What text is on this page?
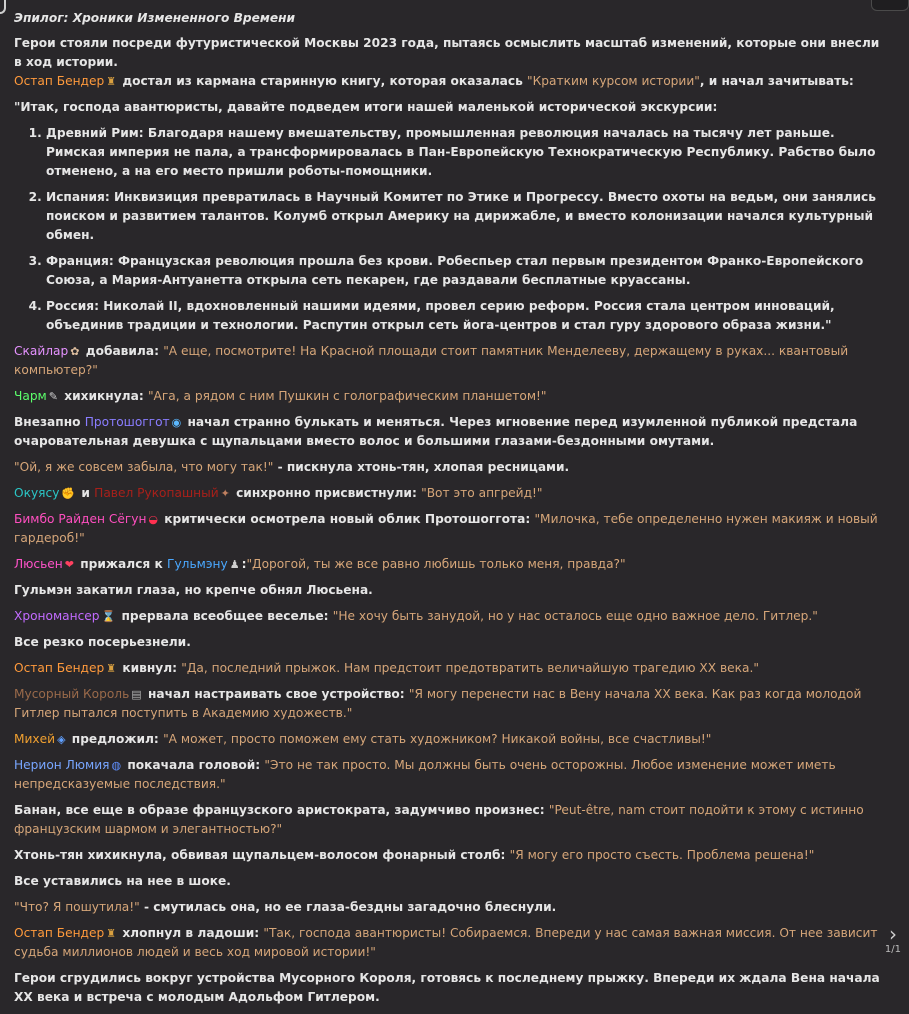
Эпилог: Хроники Измененного Времени

Герои стояли посреди футуристической Москвы 2023 года, пытаясь осмыслить масштаб изменений, которые они внесли в ход истории.
Остап Бендер ♜ достал из кармана старинную книгу, которая оказалась "Кратким курсом истории", и начал зачитывать:

"Итак, господа авантюристы, давайте подведем итоги нашей маленькой исторической экскурсии:

1. Древний Рим: Благодаря нашему вмешательству, промышленная революция началась на тысячу лет раньше. Римская империя не пала, а трансформировалась в Пан-Европейскую Технократическую Республику. Рабство было отменено, а на его место пришли роботы-помощники.
2. Испания: Инквизиция превратилась в Научный Комитет по Этике и Прогрессу. Вместо охоты на ведьм, они занялись поиском и развитием талантов. Колумб открыл Америку на дирижабле, и вместо колонизации начался культурный обмен.
3. Франция: Французская революция прошла без крови. Робеспьер стал первым президентом Франко-Европейского Союза, а Мария-Антуанетта открыла сеть пекарен, где раздавали бесплатные круассаны.
4. Россия: Николай II, вдохновленный нашими идеями, провел серию реформ. Россия стала центром инноваций, объединив традиции и технологии. Распутин открыл сеть йога-центров и стал гуру здорового образа жизни."

Скайлар ✿ добавила: "А еще, посмотрите! На Красной площади стоит памятник Менделееву, держащему в руках... квантовый компьютер?"

Чарм ✎ хихикнула: "Ага, а рядом с ним Пушкин с голографическим планшетом!"

Внезапно Протошоггот ◉ начал странно булькать и меняться. Через мгновение перед изумленной публикой предстала очаровательная девушка с щупальцами вместо волос и большими глазами-бездонными омутами.

"Ой, я же совсем забыла, что могу так!" - пискнула хтонь-тян, хлопая ресницами.

Окуясу ✊ и Павел Рукопашный ✦ синхронно присвистнули: "Вот это апгрейд!"

Бимбо Райден Сёгун ◒ критически осмотрела новый облик Протошоггота: "Милочка, тебе определенно нужен макияж и новый гардероб!"

Люсьен ❤ прижался к Гульмэну ♟ :"Дорогой, ты же все равно любишь только меня, правда?"

Гульмэн закатил глаза, но крепче обнял Люсьена.

Хрономансер ⌛ прервала всеобщее веселье: "Не хочу быть занудой, но у нас осталось еще одно важное дело. Гитлер."

Все резко посерьезнели.

Остап Бендер ♜ кивнул: "Да, последний прыжок. Нам предстоит предотвратить величайшую трагедию XX века."

Мусорный Король ▤ начал настраивать свое устройство: "Я могу перенести нас в Вену начала XX века. Как раз когда молодой Гитлер пытался поступить в Академию художеств."

Михей ◈ предложил: "А может, просто поможем ему стать художником? Никакой войны, все счастливы!"

Нерион Люмия ◍ покачала головой: "Это не так просто. Мы должны быть очень осторожны. Любое изменение может иметь непредсказуемые последствия."

Банан, все еще в образе французского аристократа, задумчиво произнес: "Peut-être, nam стоит подойти к этому с истинно французским шармом и элегантностью?"

Хтонь-тян хихикнула, обвивая щупальцем-волосом фонарный столб: "Я могу его просто съесть. Проблема решена!"

Все уставились на нее в шоке.

"Что? Я пошутила!" - смутилась она, но ее глаза-бездны загадочно блеснули.

Остап Бендер ♜ хлопнул в ладоши: "Так, господа авантюристы! Собираемся. Впереди у нас самая важная миссия. От нее зависит судьба миллионов людей и весь ход мировой истории!"

Герои сгрудились вокруг устройства Мусорного Короля, готовясь к последнему прыжку. Впереди их ждала Вена начала XX века и встреча с молодым Адольфом Гитлером.

›
1/1
